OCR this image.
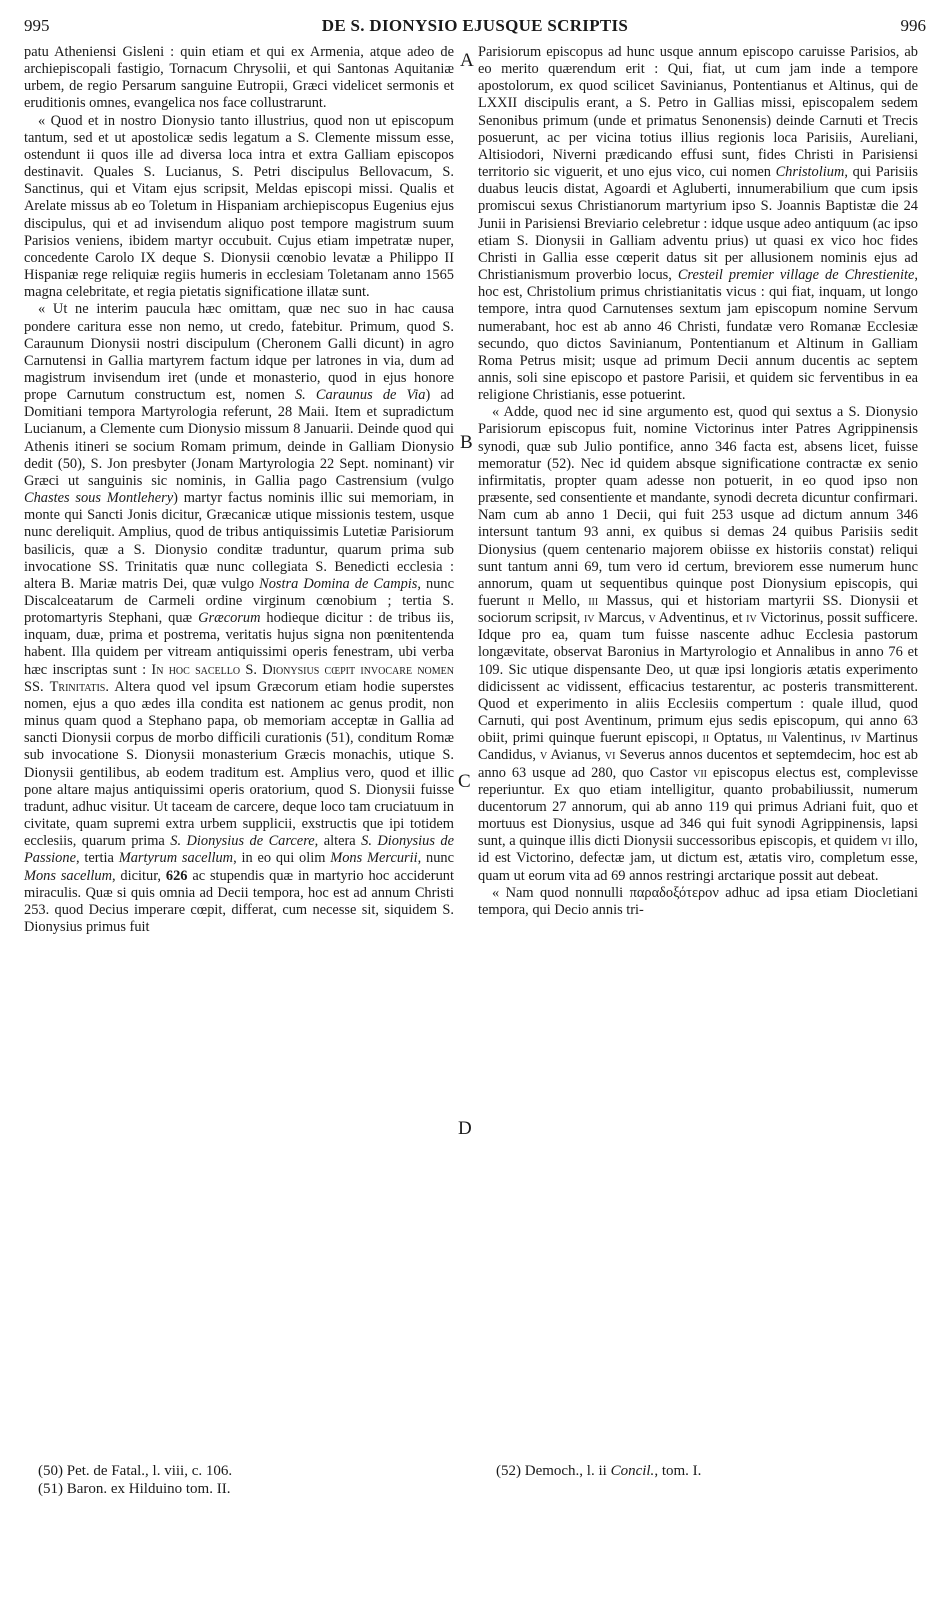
995	DE S. DIONYSIO EJUSQUE SCRIPTIS	996

patu Atheniensi Gisleni : quin etiam et qui ex Armenia, atque adeo de archiepiscopali fastigio, Tornacum Chrysolii, et qui Santonas Aquitaniæ urbem, de regio Persarum sanguine Eutropii, Græci videlicet sermonis et eruditionis omnes, evangelica nos face collustrarunt.

« Quod et in nostro Dionysio tanto illustrius, quod non ut episcopum tantum, sed et ut apostolicæ sedis legatum a S. Clemente missum esse, ostendunt ii quos ille ad diversa loca intra et extra Galliam episcopos destinavit. Quales S. Lucianus, S. Petri discipulus Bellovacum, S. Sanctinus, qui et Vitam ejus scripsit, Meldas episcopi missi. Qualis et Arelate missus ab eo Toletum in Hispaniam archiepiscopus Eugenius ejus discipulus, qui et ad invisendum aliquo post tempore magistrum suum Parisios veniens, ibidem martyr occubuit. Cujus etiam impetratæ nuper, concedente Carolo IX deque S. Dionysii cœnobio levatæ a Philippo II Hispaniæ rege reliquiæ regiis humeris in ecclesiam Toletanam anno 1565 magna celebritate, et regia pietatis significatione illatæ sunt.

« Ut ne interim paucula hæc omittam, quæ nec suo in hac causa pondere caritura esse non nemo, ut credo, fatebitur. Primum, quod S. Caraunum Dionysii nostri discipulum (Cheronem Galli dicunt) in agro Carnutensi in Gallia martyrem factum idque per latrones in via, dum ad magistrum invisendum iret (unde et monasterio, quod in ejus honore prope Carnutum constructum est, nomen S. Caraunus de Via) ad Domitiani tempora Martyrologia referunt, 28 Maii. Item et supradictum Lucianum, a Clemente cum Dionysio missum 8 Januarii. Deinde quod qui Athenis itineri se socium Romam primum, deinde in Galliam Dionysio dedit (50), S. Jon presbyter (Jonam Martyrologia 22 Sept. nominant) vir Græci ut sanguinis sic nominis, in Gallia pago Castrensium (vulgo Chastes sous Montlehery) martyr factus nominis illic sui memoriam, in monte qui Sancti Jonis dicitur, Græcanicæ utique missionis testem, usque nunc dereliquit. Amplius, quod de tribus antiquissimis Lutetiæ Parisiorum basilicis, quæ a S. Dionysio conditæ traduntur, quarum prima sub invocatione SS. Trinitatis quæ nunc collegiata S. Benedicti ecclesia : altera B. Mariæ matris Dei, quæ vulgo Nostra Domina de Campis, nunc Discalceatarum de Carmeli ordine virginum cœnobium ; tertia S. protomartyris Stephani, quæ Græcorum hodieque dicitur : de tribus iis, inquam, duæ, prima et postrema, veritatis hujus signa non pœnitentenda habent. Illa quidem per vitream antiquissimi operis fenestram, ubi verba hæc inscriptas sunt : In hoc sacello S. Dionysius cœpit invocare nomen SS. Trinitatis. Altera quod vel ipsum Græcorum etiam hodie superstes nomen, ejus a quo ædes illa condita est nationem ac genus prodit, non minus quam quod a Stephano papa, ob memoriam acceptæ in Gallia ad sancti Dionysii corpus de morbo difficili curationis (51), conditum Romæ sub invocatione S. Dionysii monasterium Græcis monachis, utique S. Dionysii gentilibus, ab eodem traditum est. Amplius vero, quod et illic pone altare majus antiquissimi operis oratorium, quod S. Dionysii fuisse tradunt, adhuc visitur. Ut taceam de carcere, deque loco tam cruciatuum in civitate, quam supremi extra urbem supplicii, exstructis que ipi totidem ecclesiis, quarum prima S. Dionysius de Carcere, altera S. Dionysius de Passione, tertia Martyrum sacellum, in eo qui olim Mons Mercurii, nunc Mons sacellum, dicitur, 626 ac stupendis quæ in martyrio hoc acciderunt miraculis. Quæ si quis omnia ad Decii tempora, hoc est ad annum Christi 253. quod Decius imperare cœpit, differat, cum necesse sit, siquidem S. Dionysius primus fuit

A
B
C
D

Parisiorum episcopus ad hunc usque annum episcopo caruisse Parisios, ab eo merito quærendum erit : Qui, fiat, ut cum jam inde a tempore apostolorum, ex quod scilicet Savinianus, Pontentianus et Altinus, qui de LXXII discipulis erant, a S. Petro in Gallias missi, episcopalem sedem Senonibus primum (unde et primatus Senonensis) deinde Carnuti et Trecis posuerunt, ac per vicina totius illius regionis loca Parisiis, Aureliani, Altisiodori, Niverni prædicando effusi sunt, fides Christi in Parisiensi territorio sic viguerit, et uno ejus vico, cui nomen Christolium, qui Parisiis duabus leucis distat, Agoardi et Agluberti, innumerabilium que cum ipsis promiscui sexus Christianorum martyrium ipso S. Joannis Baptistæ die 24 Junii in Parisiensi Breviario celebretur : idque usque adeo antiquum (ac ipso etiam S. Dionysii in Galliam adventu prius) ut quasi ex vico hoc fides Christi in Gallia esse cœperit datus sit per allusionem nominis ejus ad Christianismum proverbio locus, Cresteil premier village de Chrestienite, hoc est, Christolium primus christianitatis vicus : qui fiat, inquam, ut longo tempore, intra quod Carnutenses sextum jam episcopum nomine Servum numerabant, hoc est ab anno 46 Christi, fundatæ vero Romanæ Ecclesiæ secundo, quo dictos Savinianum, Pontentianum et Altinum in Galliam Roma Petrus misit; usque ad primum Decii annum ducentis ac septem annis, soli sine episcopo et pastore Parisii, et quidem sic ferventibus in ea religione Christianis, esse potuerint.

« Adde, quod nec id sine argumento est, quod qui sextus a S. Dionysio Parisiorum episcopus fuit, nomine Victorinus inter Patres Agrippinensis synodi, quæ sub Julio pontifice, anno 346 facta est, absens licet, fuisse memoratur (52). Nec id quidem absque significatione contractæ ex senio infirmitatis, propter quam adesse non potuerit, in eo quod ipso non præsente, sed consentiente et mandante, synodi decreta dicuntur confirmari. Nam cum ab anno 1 Decii, qui fuit 253 usque ad dictum annum 346 intersunt tantum 93 anni, ex quibus si demas 24 quibus Parisiis sedit Dionysius (quem centenario majorem obiisse ex historiis constat) reliqui sunt tantum anni 69, tum vero id certum, breviorem esse numerum hunc annorum, quam ut sequentibus quinque post Dionysium episcopis, qui fuerunt ii Mello, iii Massus, qui et historiam martyrii SS. Dionysii et sociorum scripsit, iv Marcus, v Adventinus, et iv Victorinus, possit sufficere. Idque pro ea, quam tum fuisse nascente adhuc Ecclesia pastorum longævitate, observat Baronius in Martyrologio et Annalibus in anno 76 et 109. Sic utique dispensante Deo, ut quæ ipsi longioris ætatis experimento didicissent ac vidissent, efficacius testarentur, ac posteris transmitterent. Quod et experimento in aliis Ecclesiis compertum : quale illud, quod Carnuti, qui post Aventinum, primum ejus sedis episcopum, qui anno 63 obiit, primi quinque fuerunt episcopi, ii Optatus, iii Valentinus, iv Martinus Candidus, v Avianus, vi Severus annos ducentos et septemdecim, hoc est ab anno 63 usque ad 280, quo Castor vii episcopus electus est, complevisse reperiuntur. Ex quo etiam intelligitur, quanto probabiliussit, numerum ducentorum 27 annorum, qui ab anno 119 qui primus Adriani fuit, quo et mortuus est Dionysius, usque ad 346 qui fuit synodi Agrippinensis, lapsi sunt, a quinque illis dicti Dionysii successoribus episcopis, et quidem vi illo, id est Victorino, defectæ jam, ut dictum est, ætatis viro, completum esse, quam ut eorum vita ad 69 annos restringi arctarique possit aut debeat.

« Nam quod nonnulli παραδοξότερον adhuc ad ipsa etiam Diocletiani tempora, qui Decio annis tri-

(50) Pet. de Fatal., l. viii, c. 106.
(51) Baron. ex Hilduino tom. II.
(52) Democh., l. ii Concil., tom. I.
